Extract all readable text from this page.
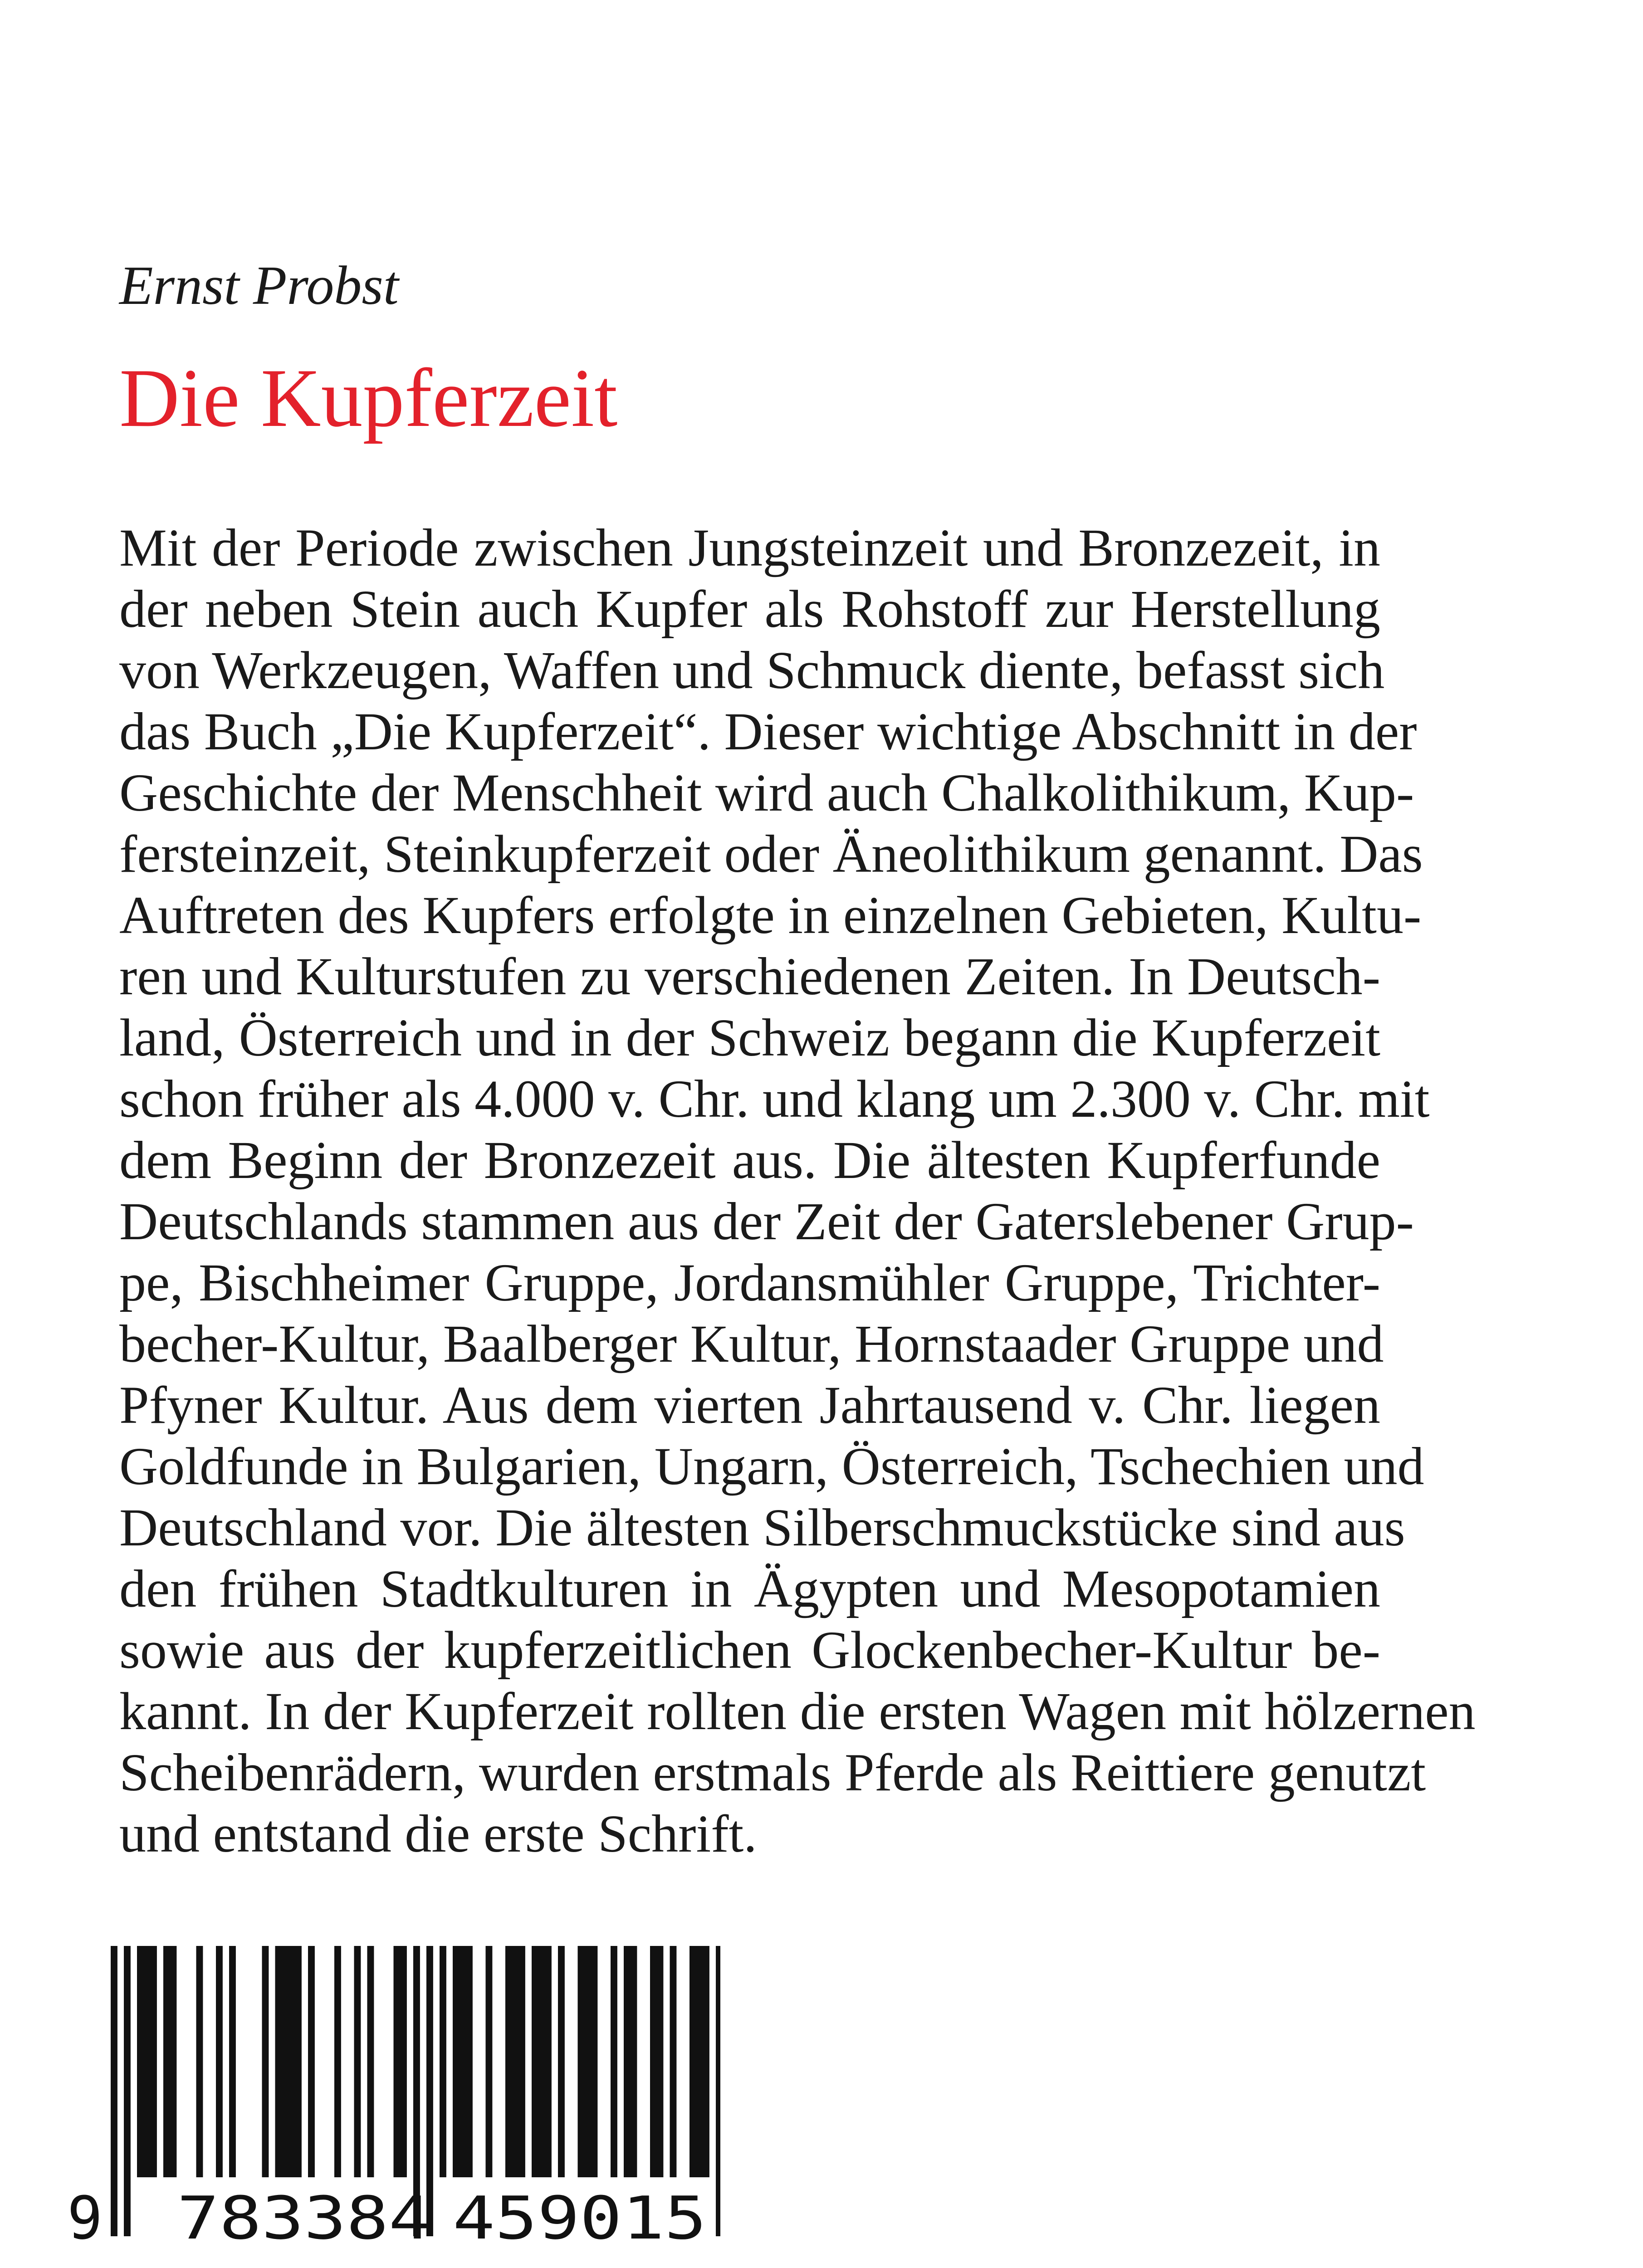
Ernst Probst

Die Kupferzeit
Mit der Periode zwischen Jungsteinzeit und Bronzezeit, in
der neben Stein auch Kupfer als Rohstoff zur Herstellung
von Werkzeugen, Waffen und Schmuck diente, befasst sich
das Buch „Die Kupferzeit“. Dieser wichtige Abschnitt in der
Geschichte der Menschheit wird auch Chalkolithikum, Kup-
fersteinzeit, Steinkupferzeit oder Äneolithikum genannt. Das
Auftreten des Kupfers erfolgte in einzelnen Gebieten, Kultu-
ren und Kulturstufen zu verschiedenen Zeiten. In Deutsch-
land, Österreich und in der Schweiz begann die Kupferzeit
schon früher als 4.000 v. Chr. und klang um 2.300 v. Chr. mit
dem Beginn der Bronzezeit aus. Die ältesten Kupferfunde
Deutschlands stammen aus der Zeit der Gaterslebener Grup-
pe, Bischheimer Gruppe, Jordansmühler Gruppe, Trichter-
becher-Kultur, Baalberger Kultur, Hornstaader Gruppe und
Pfyner Kultur. Aus dem vierten Jahrtausend v. Chr. liegen
Goldfunde in Bulgarien, Ungarn, Österreich, Tschechien und
Deutschland vor. Die ältesten Silberschmuckstücke sind aus
den frühen Stadtkulturen in Ägypten und Mesopotamien
sowie aus der kupferzeitlichen Glockenbecher-Kultur be-
kannt. In der Kupferzeit rollten die ersten Wagen mit hölzernen
Scheibenrädern, wurden erstmals Pferde als Reittiere genutzt
und entstand die erste Schrift.
9 783384 459015
